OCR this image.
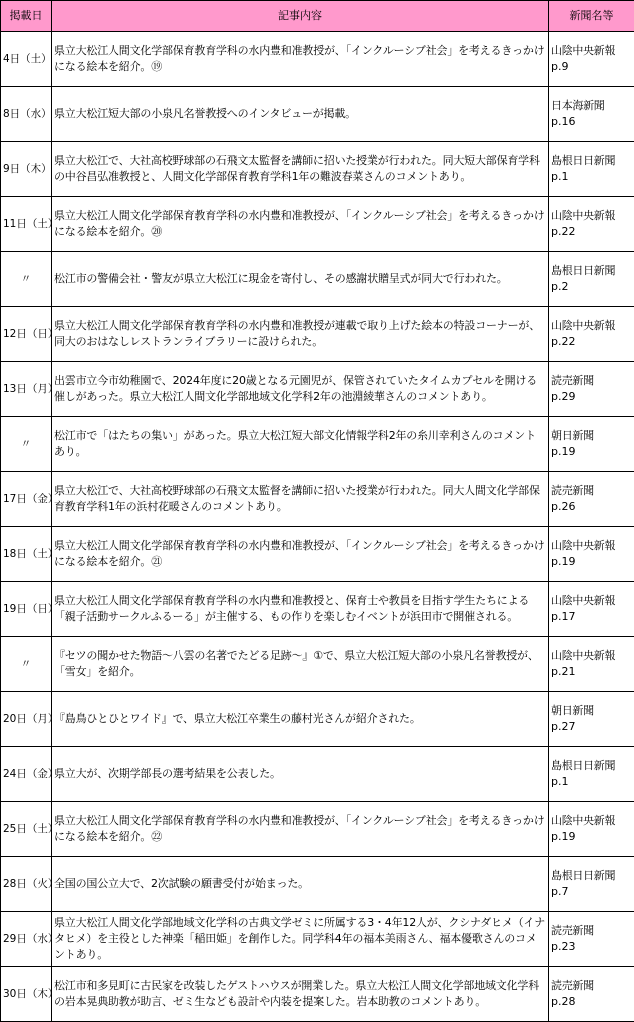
掲載日	記事内容	新聞名等
4日（土）	県立大松江人間文化学部保育教育学科の水内豊和准教授が、「インクルーシブ社会」を考えるきっかけになる絵本を紹介。⑲	山陰中央新報
p.9

8日（水）	県立大松江短大部の小泉凡名誉教授へのインタビューが掲載。	日本海新聞
p.16

9日（木）	県立大松江で、大社高校野球部の石飛文太監督を講師に招いた授業が行われた。同大短大部保育学科の中谷昌弘准教授と、人間文化学部保育教育学科1年の難波春菜さんのコメントあり。	島根日日新聞
p.1

11日（土）	県立大松江人間文化学部保育教育学科の水内豊和准教授が、「インクルーシブ社会」を考えるきっかけになる絵本を紹介。⑳	山陰中央新報
p.22

〃	松江市の警備会社・警友が県立大松江に現金を寄付し、その感謝状贈呈式が同大で行われた。	島根日日新聞
p.2

12日（日）	県立大松江人間文化学部保育教育学科の水内豊和准教授が連載で取り上げた絵本の特設コーナーが、同大のおはなしレストランライブラリーに設けられた。	山陰中央新報
p.22

13日（月）	出雲市立今市幼稚園で、2024年度に20歳となる元園児が、保管されていたタイムカプセルを開ける催しがあった。県立大松江人間文化学部地域文化学科2年の池淵綾華さんのコメントあり。	読売新聞
p.29

〃	松江市で「はたちの集い」があった。県立大松江短大部文化情報学科2年の糸川幸利さんのコメントあり。	朝日新聞
p.19

17日（金）	県立大松江で、大社高校野球部の石飛文太監督を講師に招いた授業が行われた。同大人間文化学部保育教育学科1年の浜村花暖さんのコメントあり。	読売新聞
p.26

18日（土）	県立大松江人間文化学部保育教育学科の水内豊和准教授が、「インクルーシブ社会」を考えるきっかけになる絵本を紹介。㉑	山陰中央新報
p.19

19日（日）	県立大松江人間文化学部保育教育学科の水内豊和准教授と、保育士や教員を目指す学生たちによる「親子活動サークルふるーる」が主催する、もの作りを楽しむイベントが浜田市で開催される。	山陰中央新報
p.17

〃	『セツの聞かせた物語～八雲の名著でたどる足跡～』①で、県立大松江短大部の小泉凡名誉教授が、「雪女」を紹介。	山陰中央新報
p.21

20日（月）	『島鳥ひとひとワイド』で、県立大松江卒業生の藤村光さんが紹介された。	朝日新聞
p.27

24日（金）	県立大が、次期学部長の選考結果を公表した。	島根日日新聞
p.1

25日（土）	県立大松江人間文化学部保育教育学科の水内豊和准教授が、「インクルーシブ社会」を考えるきっかけになる絵本を紹介。㉒	山陰中央新報
p.19

28日（火）	全国の国公立大で、2次試験の願書受付が始まった。	島根日日新聞
p.7

29日（水）	県立大松江人間文化学部地域文化学科の古典文学ゼミに所属する3・4年12人が、クシナダヒメ（イナタヒメ）を主役とした神楽「稲田姫」を創作した。同学科4年の福本美雨さん、福本優歌さんのコメントあり。	読売新聞
p.23

30日（木）	松江市和多見町に古民家を改装したゲストハウスが開業した。県立大松江人間文化学部地域文化学科の岩本晃典助教が助言、ゼミ生なども設計や内装を提案した。岩本助教のコメントあり。	読売新聞
p.28
